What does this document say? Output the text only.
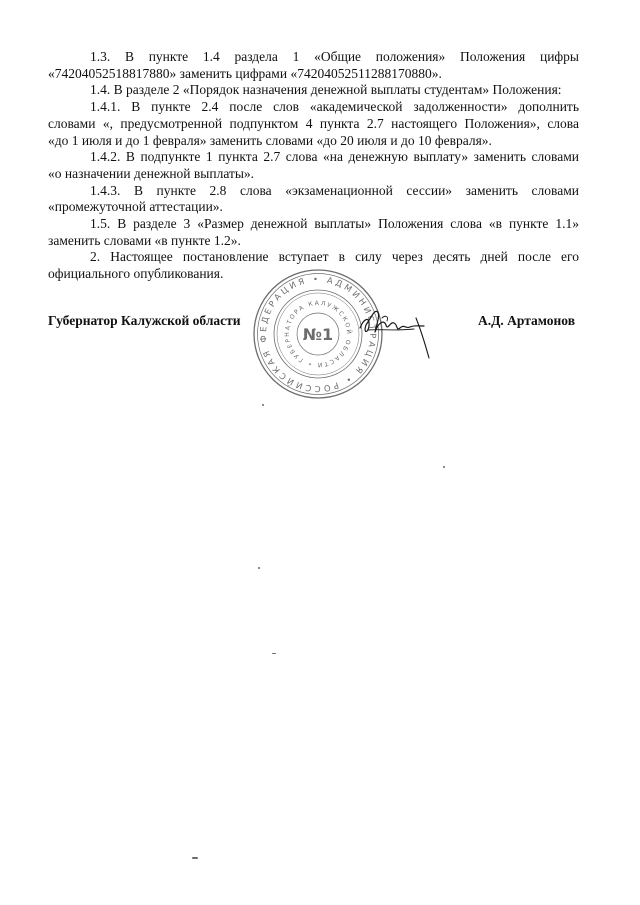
1.3. В пункте 1.4 раздела 1 «Общие положения» Положения цифры
«74204052518817880» заменить цифрами «74204052511288170880».
1.4. В разделе 2 «Порядок назначения денежной выплаты студентам» Положения:
1.4.1. В пункте 2.4 после слов «академической задолженности» дополнить
словами «, предусмотренной подпунктом 4 пункта 2.7 настоящего Положения», слова
«до 1 июля и до 1 февраля» заменить словами «до 20 июля и до 10 февраля».
1.4.2. В подпункте 1 пункта 2.7 слова «на денежную выплату» заменить словами
«о назначении денежной выплаты».
1.4.3. В пункте 2.8 слова «экзаменационной сессии» заменить словами
«промежуточной аттестации».
1.5. В разделе 3 «Размер денежной выплаты» Положения слова «в пункте 1.1»
заменить словами «в пункте 1.2».
2. Настоящее постановление вступает в силу через десять дней после его
официального опубликования.
РОССИЙСКАЯ ФЕДЕРАЦИЯ • АДМИНИСТРАЦИЯ •
ГУБЕРНАТОРА КАЛУЖСКОЙ ОБЛАСТИ •
№1
Губернатор Калужской области	А.Д. Артамонов
